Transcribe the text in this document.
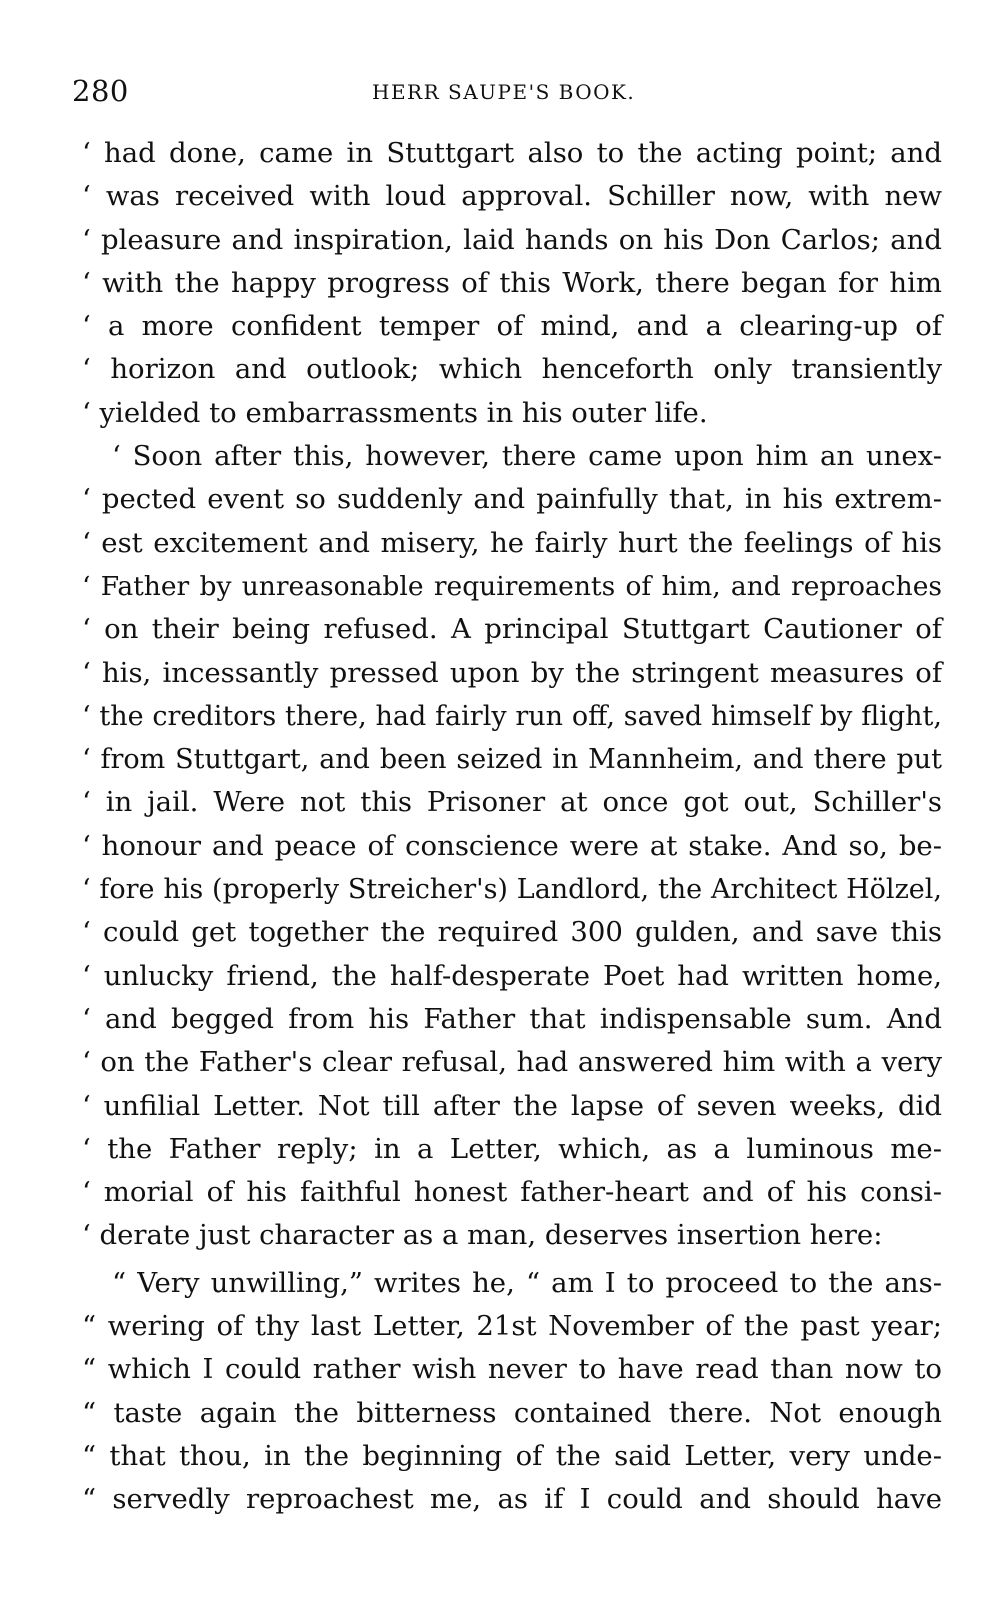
280	HERR SAUPE'S BOOK.
‘ had done, came in Stuttgart also to the acting point; and
‘ was received with loud approval. Schiller now, with new
‘ pleasure and inspiration, laid hands on his Don Carlos; and
‘ with the happy progress of this Work, there began for him
‘ a more confident temper of mind, and a clearing-up of
‘ horizon and outlook; which henceforth only transiently
‘ yielded to embarrassments in his outer life.
‘ Soon after this, however, there came upon him an unex-
‘ pected event so suddenly and painfully that, in his extrem-
‘ est excitement and misery, he fairly hurt the feelings of his
‘ Father by unreasonable requirements of him, and reproaches
‘ on their being refused. A principal Stuttgart Cautioner of
‘ his, incessantly pressed upon by the stringent measures of
‘ the creditors there, had fairly run off, saved himself by flight,
‘ from Stuttgart, and been seized in Mannheim, and there put
‘ in jail. Were not this Prisoner at once got out, Schiller's
‘ honour and peace of conscience were at stake. And so, be-
‘ fore his (properly Streicher's) Landlord, the Architect Hölzel,
‘ could get together the required 300 gulden, and save this
‘ unlucky friend, the half-desperate Poet had written home,
‘ and begged from his Father that indispensable sum. And
‘ on the Father's clear refusal, had answered him with a very
‘ unfilial Letter. Not till after the lapse of seven weeks, did
‘ the Father reply; in a Letter, which, as a luminous me-
‘ morial of his faithful honest father-heart and of his consi-
‘ derate just character as a man, deserves insertion here:
“ Very unwilling,” writes he, “ am I to proceed to the ans-
“ wering of thy last Letter, 21st November of the past year;
“ which I could rather wish never to have read than now to
“ taste again the bitterness contained there. Not enough
“ that thou, in the beginning of the said Letter, very unde-
“ servedly reproachest me, as if I could and should have
